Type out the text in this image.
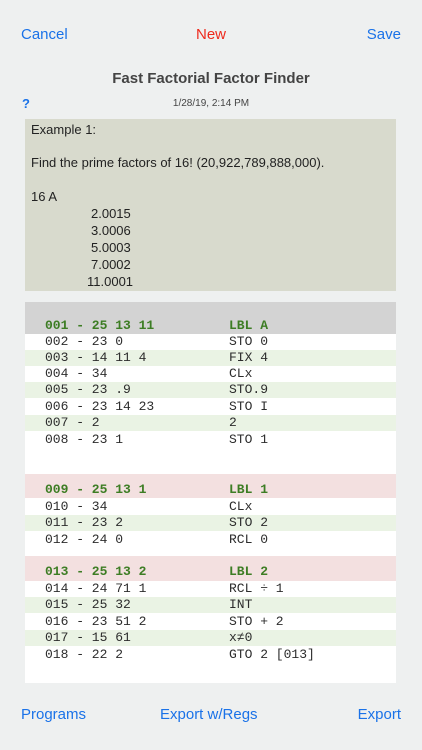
Cancel	New	Save
Fast Factorial Factor Finder
?	1/28/19, 2:14 PM
Example 1:
Find the prime factors of 16! (20,922,789,888,000).
16 A
2.0015
3.0006
5.0003
7.0002
11.0001
001 - 25 13 11	LBL A
002 - 23 0	STO 0
003 - 14 11 4	FIX 4
004 - 34	CLx
005 - 23 .9	STO.9
006 - 23 14 23	STO I
007 - 2	2
008 - 23 1	STO 1
009 - 25 13 1	LBL 1
010 - 34	CLx
011 - 23 2	STO 2
012 - 24 0	RCL 0
013 - 25 13 2	LBL 2
014 - 24 71 1	RCL ÷ 1
015 - 25 32	INT
016 - 23 51 2	STO + 2
017 - 15 61	x≠0
018 - 22 2	GTO 2 [013]
Programs	Export w/Regs	Export
